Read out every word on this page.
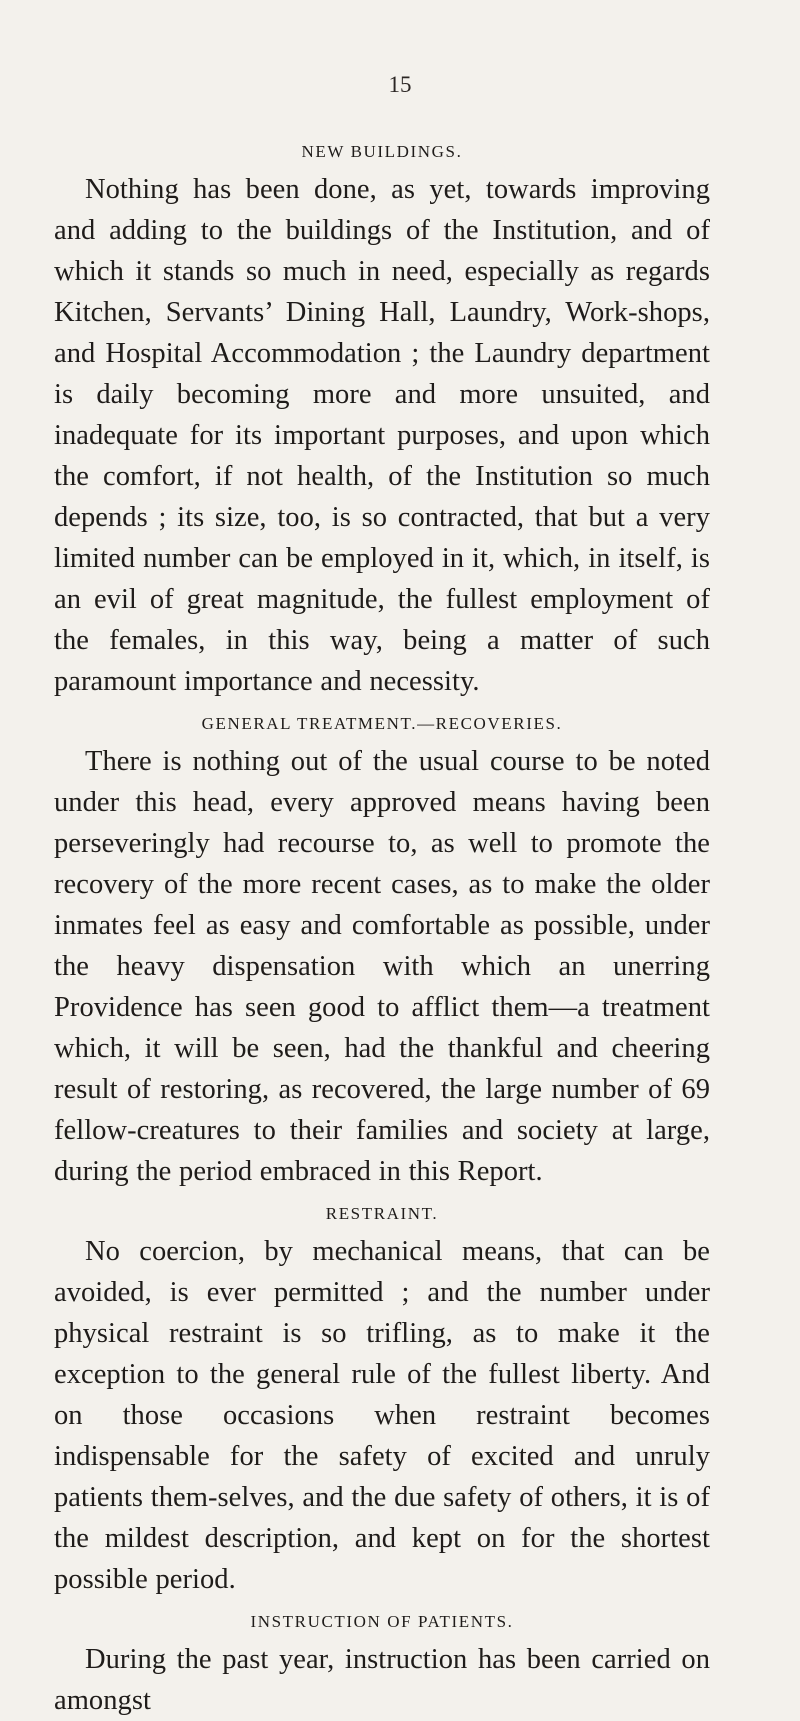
15
NEW BUILDINGS.

Nothing has been done, as yet, towards improving and adding to the buildings of the Institution, and of which it stands so much in need, especially as regards Kitchen, Servants’ Dining Hall, Laundry, Work-shops, and Hospital Accommodation ; the Laundry department is daily becoming more and more unsuited, and inadequate for its important purposes, and upon which the comfort, if not health, of the Institution so much depends ; its size, too, is so contracted, that but a very limited number can be employed in it, which, in itself, is an evil of great magnitude, the fullest employment of the females, in this way, being a matter of such paramount importance and necessity.

GENERAL TREATMENT.—RECOVERIES.

There is nothing out of the usual course to be noted under this head, every approved means having been perseveringly had recourse to, as well to promote the recovery of the more recent cases, as to make the older inmates feel as easy and comfortable as possible, under the heavy dispensation with which an unerring Providence has seen good to afflict them—a treatment which, it will be seen, had the thankful and cheering result of restoring, as recovered, the large number of 69 fellow-creatures to their families and society at large, during the period embraced in this Report.

RESTRAINT.

No coercion, by mechanical means, that can be avoided, is ever permitted ; and the number under physical restraint is so trifling, as to make it the exception to the general rule of the fullest liberty. And on those occasions when restraint becomes indispensable for the safety of excited and unruly patients them-selves, and the due safety of others, it is of the mildest description, and kept on for the shortest possible period.

INSTRUCTION OF PATIENTS.

During the past year, instruction has been carried on amongst
